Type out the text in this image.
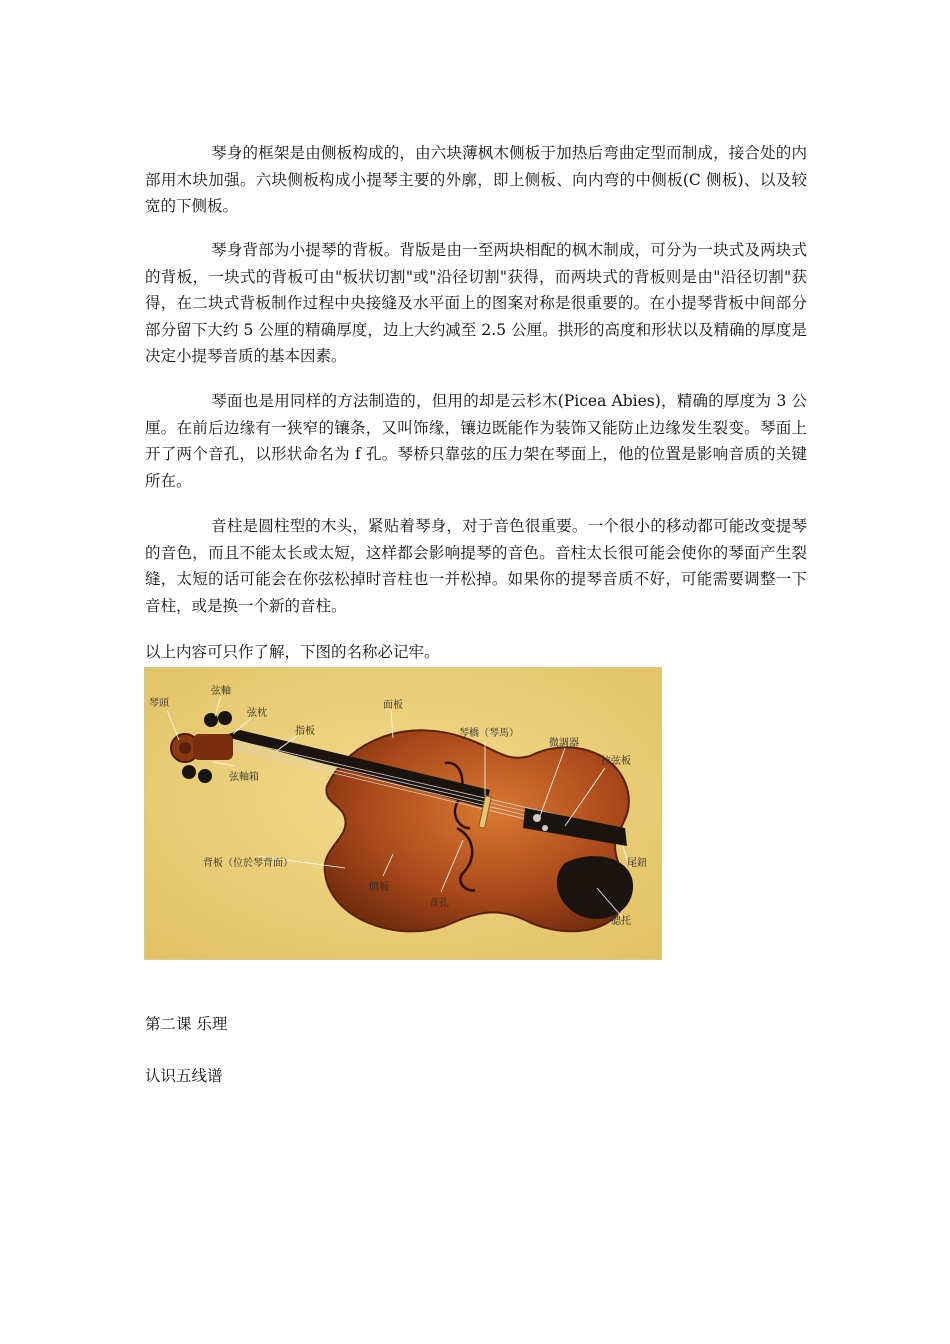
琴身的框架是由侧板构成的，由六块薄枫木侧板于加热后弯曲定型而制成，接合处的内部用木块加强。六块侧板构成小提琴主要的外廓，即上侧板、向内弯的中侧板(C 侧板)、以及较宽的下侧板。

琴身背部为小提琴的背板。背版是由一至两块相配的枫木制成，可分为一块式及两块式的背板，一块式的背板可由"板状切割"或"沿径切割"获得，而两块式的背板则是由"沿径切割"获得，在二块式背板制作过程中央接缝及水平面上的图案对称是很重要的。在小提琴背板中间部分部分留下大约 5 公厘的精确厚度，边上大约减至 2.5 公厘。拱形的高度和形状以及精确的厚度是决定小提琴音质的基本因素。

琴面也是用同样的方法制造的，但用的却是云杉木(Picea Abies)，精确的厚度为 3 公厘。在前后边缘有一狭窄的镶条，又叫饰缘，镶边既能作为装饰又能防止边缘发生裂变。琴面上开了两个音孔，以形状命名为 f 孔。琴桥只靠弦的压力架在琴面上，他的位置是影响音质的关键所在。

音柱是圆柱型的木头，紧贴着琴身，对于音色很重要。一个很小的移动都可能改变提琴的音色，而且不能太长或太短，这样都会影响提琴的音色。音柱太长很可能会使你的琴面产生裂缝，太短的话可能会在你弦松掉时音柱也一并松掉。如果你的提琴音质不好，可能需要调整一下音柱，或是换一个新的音柱。

以上内容可只作了解，下图的名称必记牢。

琴頭
弦軸
弦枕
弦軸箱
指板
面板
琴橋（琴馬）
微調器
拉弦板
尾鈕
背板（位於琴背面）
側板
音孔
腮托

第二课 乐理

认识五线谱
